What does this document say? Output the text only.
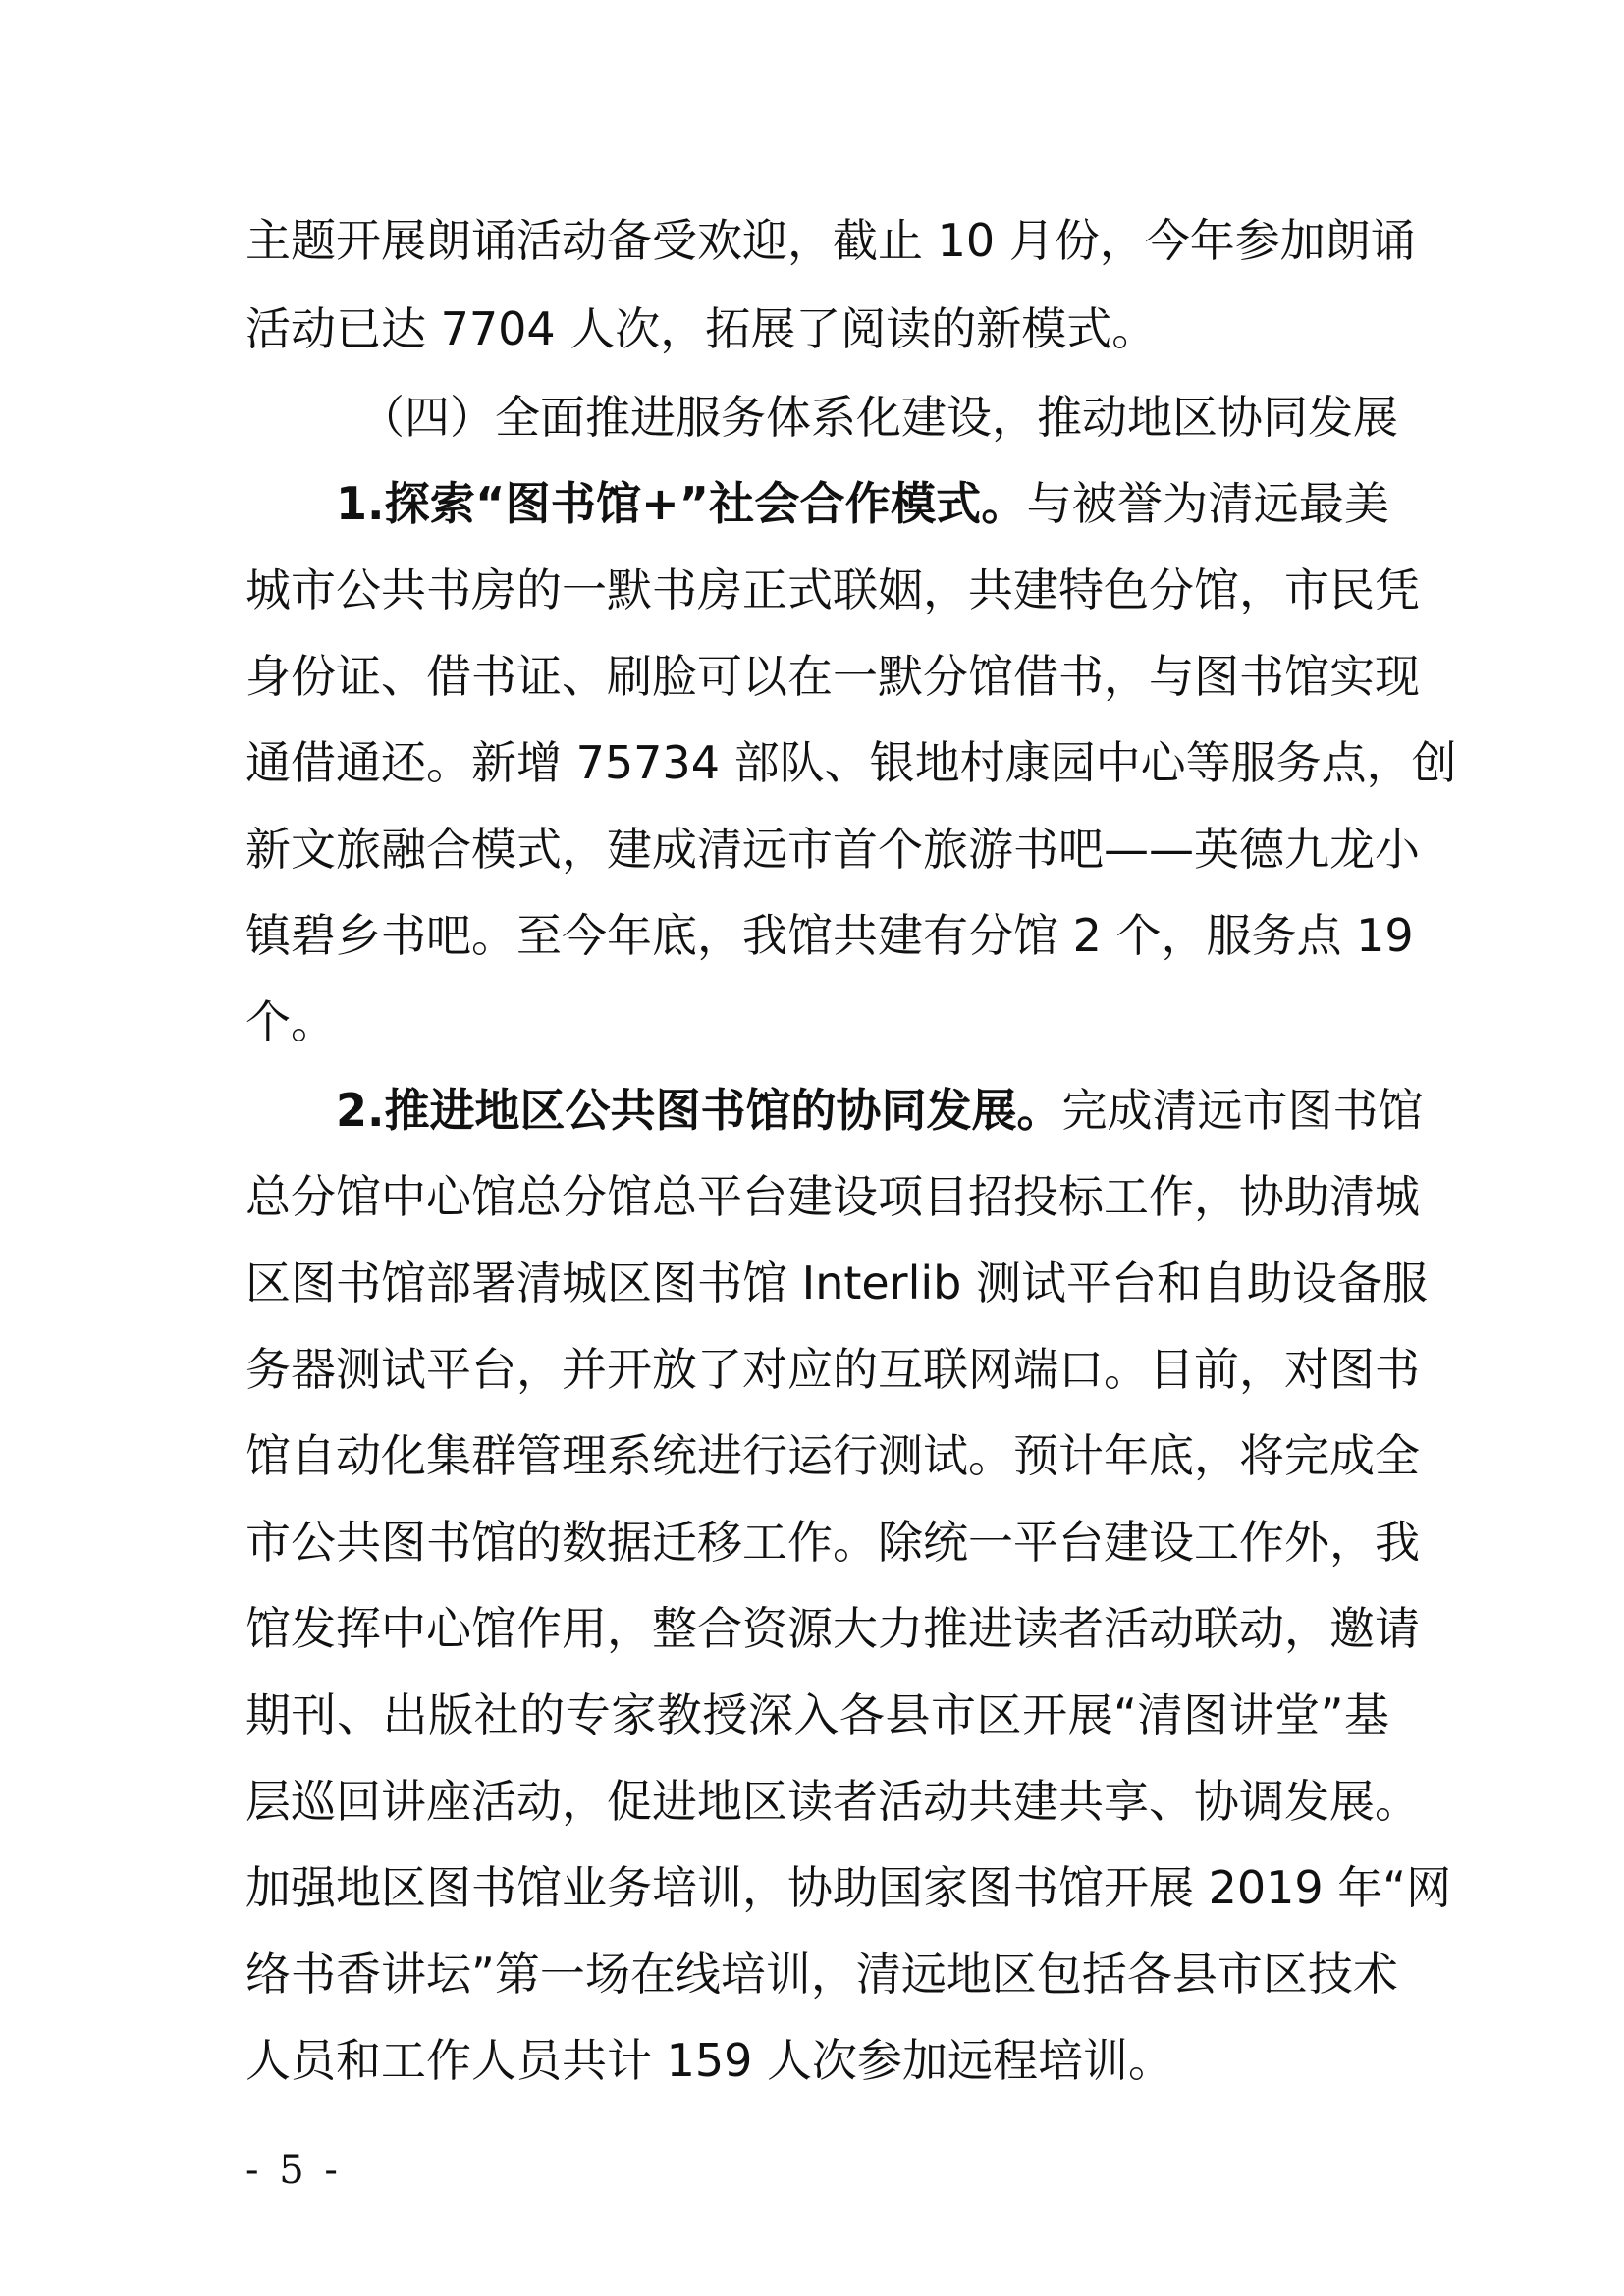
主题开展朗诵活动备受欢迎，截止 10 月份，今年参加朗诵
活动已达 7704 人次，拓展了阅读的新模式。
（四）全面推进服务体系化建设，推动地区协同发展
1.探索“图书馆+”社会合作模式。与被誉为清远最美
城市公共书房的一默书房正式联姻，共建特色分馆，市民凭
身份证、借书证、刷脸可以在一默分馆借书，与图书馆实现
通借通还。新增 75734 部队、银地村康园中心等服务点，创
新文旅融合模式，建成清远市首个旅游书吧——英德九龙小
镇碧乡书吧。至今年底，我馆共建有分馆 2 个，服务点 19
个。
2.推进地区公共图书馆的协同发展。完成清远市图书馆
总分馆中心馆总分馆总平台建设项目招投标工作，协助清城
区图书馆部署清城区图书馆 Interlib 测试平台和自助设备服
务器测试平台，并开放了对应的互联网端口。目前，对图书
馆自动化集群管理系统进行运行测试。预计年底，将完成全
市公共图书馆的数据迁移工作。除统一平台建设工作外，我
馆发挥中心馆作用，整合资源大力推进读者活动联动，邀请
期刊、出版社的专家教授深入各县市区开展“清图讲堂”基
层巡回讲座活动，促进地区读者活动共建共享、协调发展。
加强地区图书馆业务培训，协助国家图书馆开展 2019 年“网
络书香讲坛”第一场在线培训，清远地区包括各县市区技术
人员和工作人员共计 159 人次参加远程培训。
- 5 -
